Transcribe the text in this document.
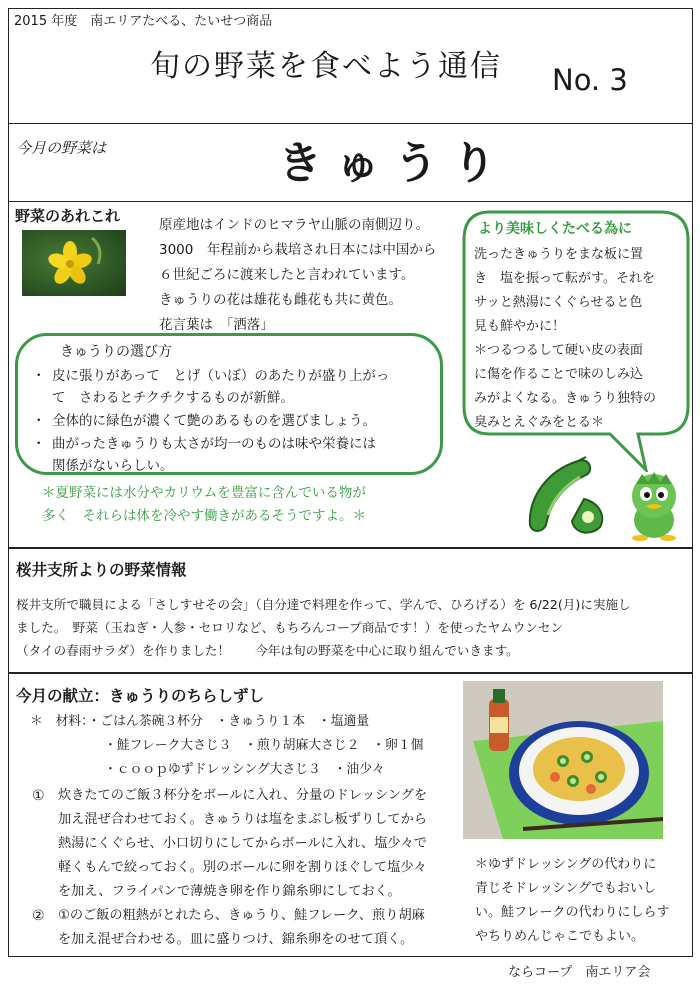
2015 年度　南エリアたべる、たいせつ商品
旬の野菜を食べよう通信 No. 3
今月の野菜は	きゅうり
野菜のあれこれ	原産地はインドのヒマラヤ山脈の南側辺り。
3000　年程前から栽培され日本には中国から
６世紀ごろに渡来したと言われています。
きゅうりの花は雄花も雌花も共に黄色。
花言葉は　「洒落」
きゅうりの選び方
・ 皮に張りがあって　とげ（いぼ）のあたりが盛り上がっ
て　さわるとチクチクするものが新鮮。
・ 全体的に緑色が濃くて艶のあるものを選びましょう。
・ 曲がったきゅうりも太さが均一のものは味や栄養には
関係がないらしい。
＊夏野菜には水分やカリウムを豊富に含んでいる物が
多く　それらは体を冷やす働きがあるそうですよ。＊
より美味しくたべる為に
洗ったきゅうりをまな板に置
き　塩を振って転がす。それを
サッと熱湯にくぐらせると色
見も鮮やかに！
＊つるつるして硬い皮の表面
に傷を作ることで味のしみ込
みがよくなる。きゅうり独特の
臭みとえぐみをとる＊
桜井支所よりの野菜情報
桜井支所で職員による「さしすせその会」（自分達で料理を作って、学んで、ひろげる）を 6/22(月)に実施し
ました。　野菜（玉ねぎ・人参・セロリなど、もちろんコープ商品です！）を使ったヤムウンセン
（タイの春雨サラダ）を作りました！　　今年は旬の野菜を中心に取り組んでいきます。
今月の献立：きゅうりのちらしずし
＊　材料：・ごはん茶碗３杯分　・きゅうり１本　・塩適量
・鮭フレーク大さじ３　・煎り胡麻大さじ２　・卵１個
・ｃｏｏｐゆずドレッシング大さじ３　・油少々
① 炊きたてのご飯３杯分をボールに入れ、分量のドレッシングを
加え混ぜ合わせておく。きゅうりは塩をまぶし板ずりしてから
熱湯にくぐらせ、小口切りにしてからボールに入れ、塩少々で
軽くもんで絞っておく。別のボールに卵を割りほぐして塩少々
を加え、フライパンで薄焼き卵を作り錦糸卵にしておく。
② ①のご飯の粗熱がとれたら、きゅうり、鮭フレーク、煎り胡麻
を加え混ぜ合わせる。皿に盛りつけ、錦糸卵をのせて頂く。
＊ゆずドレッシングの代わりに
青じそドレッシングでもおいし
い。鮭フレークの代わりにしらす
やちりめんじゃこでもよい。
ならコープ　南エリア会
